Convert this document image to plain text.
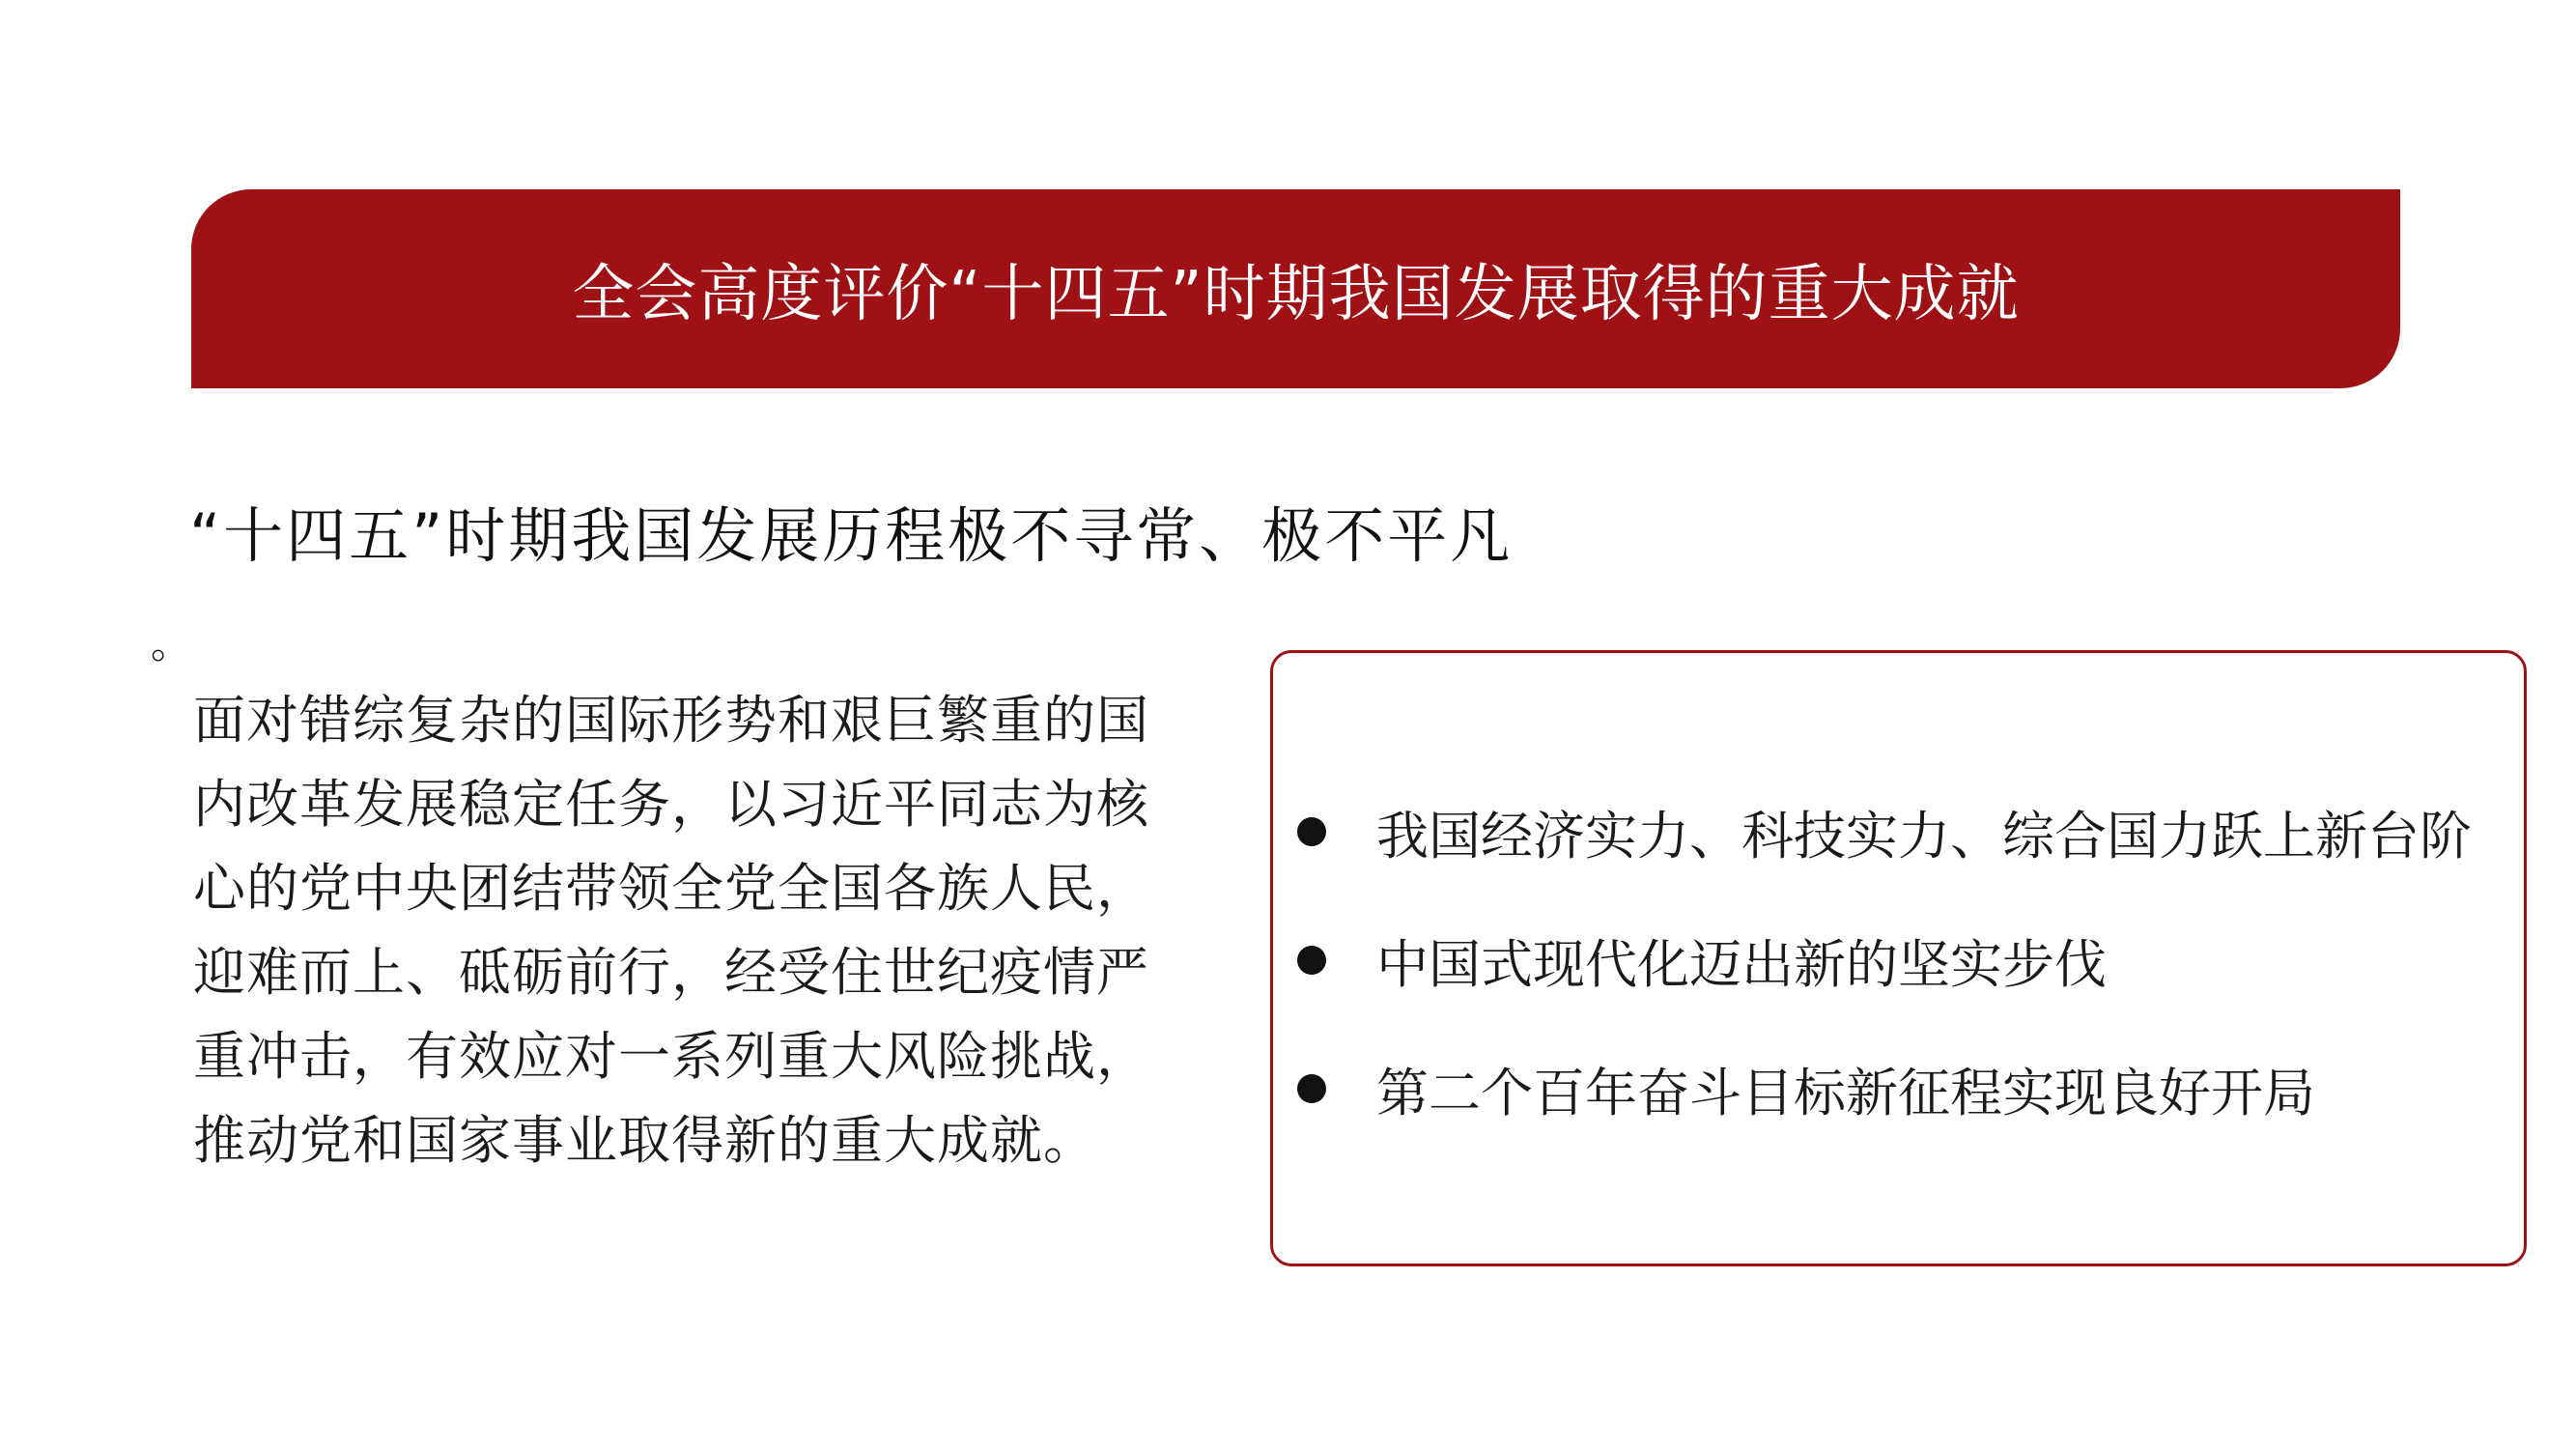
全会高度评价“十四五”时期我国发展取得的重大成就
“十四五”时期我国发展历程极不寻常、极不平凡
。
面对错综复杂的国际形势和艰巨繁重的国内改革发展稳定任务，以习近平同志为核心的党中央团结带领全党全国各族人民，迎难而上、砥砺前行，经受住世纪疫情严重冲击，有效应对一系列重大风险挑战，推动党和国家事业取得新的重大成就。
我国经济实力、科技实力、综合国力跃上新台阶
中国式现代化迈出新的坚实步伐
第二个百年奋斗目标新征程实现良好开局
